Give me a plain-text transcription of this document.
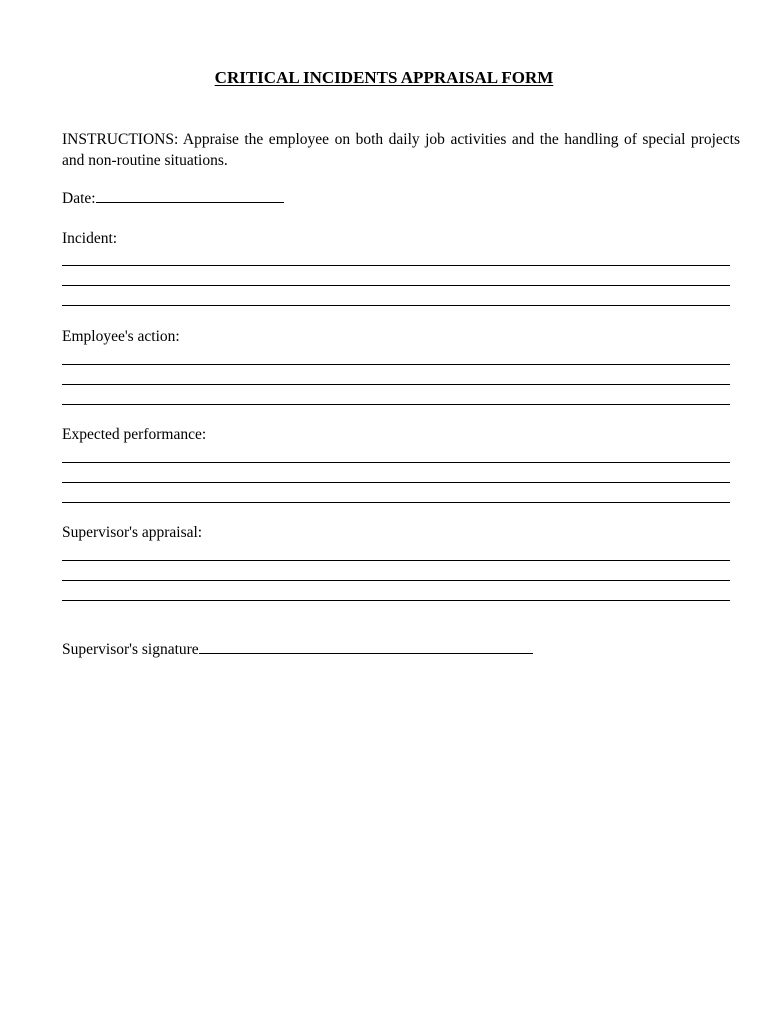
CRITICAL INCIDENTS APPRAISAL FORM
INSTRUCTIONS: Appraise the employee on both daily job activities and the handling of special projects and non-routine situations.
Date:
Incident:
Employee's action:
Expected performance:
Supervisor's appraisal:
Supervisor's signature
